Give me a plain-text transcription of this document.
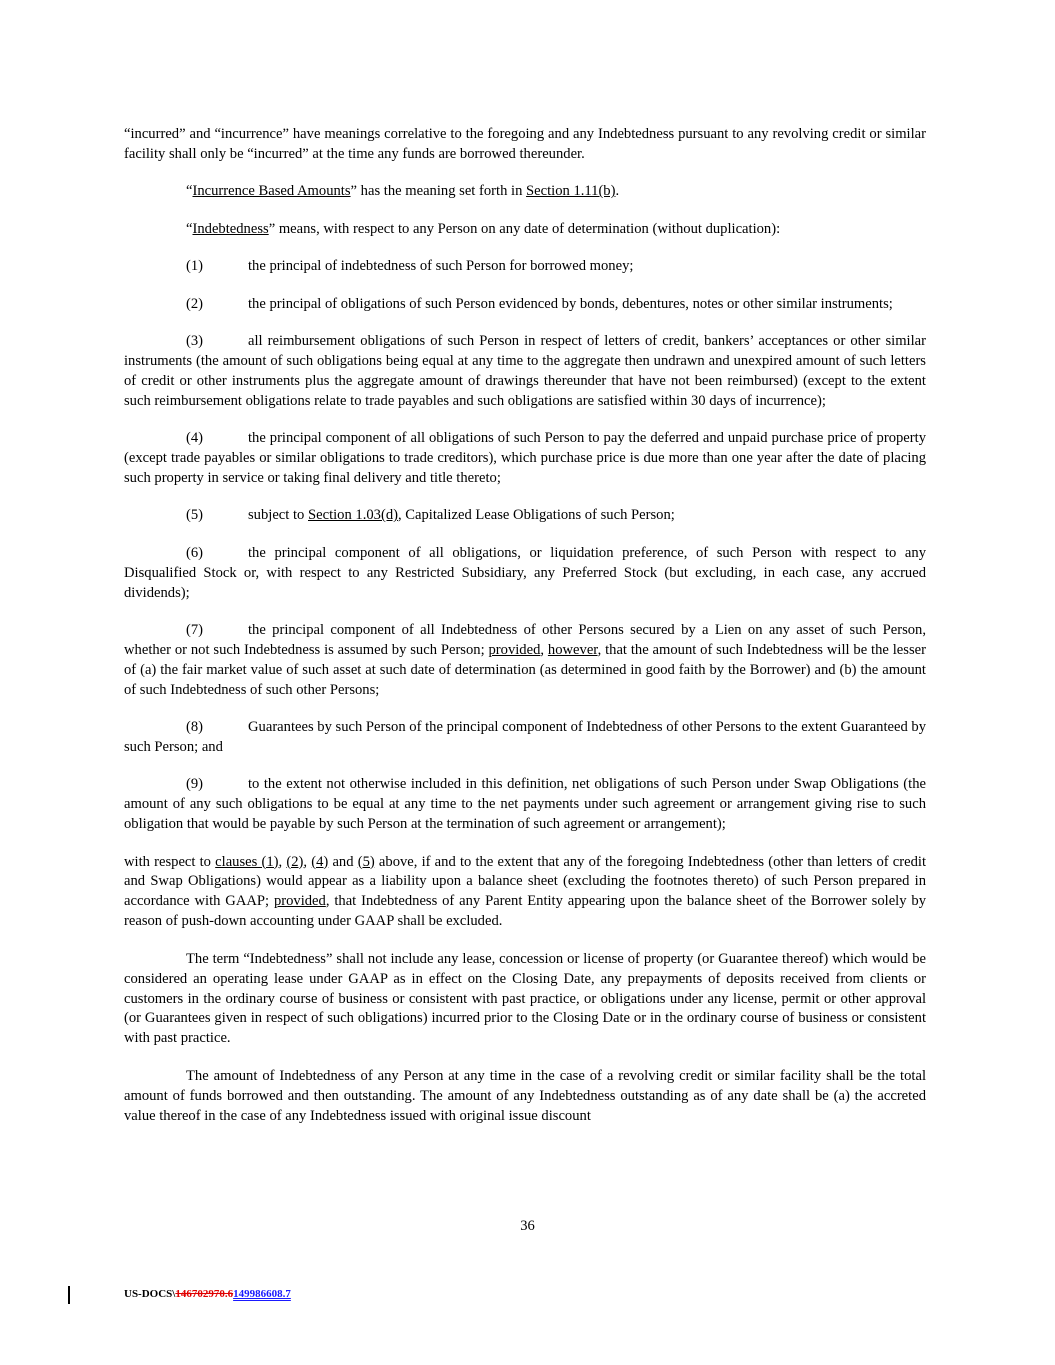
“incurred” and “incurrence” have meanings correlative to the foregoing and any Indebtedness pursuant to any revolving credit or similar facility shall only be “incurred” at the time any funds are borrowed thereunder.

“Incurrence Based Amounts” has the meaning set forth in Section 1.11(b).

“Indebtedness” means, with respect to any Person on any date of determination (without duplication):

(1)	the principal of indebtedness of such Person for borrowed money;

(2)	the principal of obligations of such Person evidenced by bonds, debentures, notes or other similar instruments;

(3)	all reimbursement obligations of such Person in respect of letters of credit, bankers’ acceptances or other similar instruments (the amount of such obligations being equal at any time to the aggregate then undrawn and unexpired amount of such letters of credit or other instruments plus the aggregate amount of drawings thereunder that have not been reimbursed) (except to the extent such reimbursement obligations relate to trade payables and such obligations are satisfied within 30 days of incurrence);

(4)	the principal component of all obligations of such Person to pay the deferred and unpaid purchase price of property (except trade payables or similar obligations to trade creditors), which purchase price is due more than one year after the date of placing such property in service or taking final delivery and title thereto;

(5)	subject to Section 1.03(d), Capitalized Lease Obligations of such Person;

(6)	the principal component of all obligations, or liquidation preference, of such Person with respect to any Disqualified Stock or, with respect to any Restricted Subsidiary, any Preferred Stock (but excluding, in each case, any accrued dividends);

(7)	the principal component of all Indebtedness of other Persons secured by a Lien on any asset of such Person, whether or not such Indebtedness is assumed by such Person; provided, however, that the amount of such Indebtedness will be the lesser of (a) the fair market value of such asset at such date of determination (as determined in good faith by the Borrower) and (b) the amount of such Indebtedness of such other Persons;

(8)	Guarantees by such Person of the principal component of Indebtedness of other Persons to the extent Guaranteed by such Person; and

(9)	to the extent not otherwise included in this definition, net obligations of such Person under Swap Obligations (the amount of any such obligations to be equal at any time to the net payments under such agreement or arrangement giving rise to such obligation that would be payable by such Person at the termination of such agreement or arrangement);

with respect to clauses (1), (2), (4) and (5) above, if and to the extent that any of the foregoing Indebtedness (other than letters of credit and Swap Obligations) would appear as a liability upon a balance sheet (excluding the footnotes thereto) of such Person prepared in accordance with GAAP; provided, that Indebtedness of any Parent Entity appearing upon the balance sheet of the Borrower solely by reason of push-down accounting under GAAP shall be excluded.

The term “Indebtedness” shall not include any lease, concession or license of property (or Guarantee thereof) which would be considered an operating lease under GAAP as in effect on the Closing Date, any prepayments of deposits received from clients or customers in the ordinary course of business or consistent with past practice, or obligations under any license, permit or other approval (or Guarantees given in respect of such obligations) incurred prior to the Closing Date or in the ordinary course of business or consistent with past practice.

The amount of Indebtedness of any Person at any time in the case of a revolving credit or similar facility shall be the total amount of funds borrowed and then outstanding. The amount of any Indebtedness outstanding as of any date shall be (a) the accreted value thereof in the case of any Indebtedness issued with original issue discount

36
US-DOCS\146702970.6149986608.7
